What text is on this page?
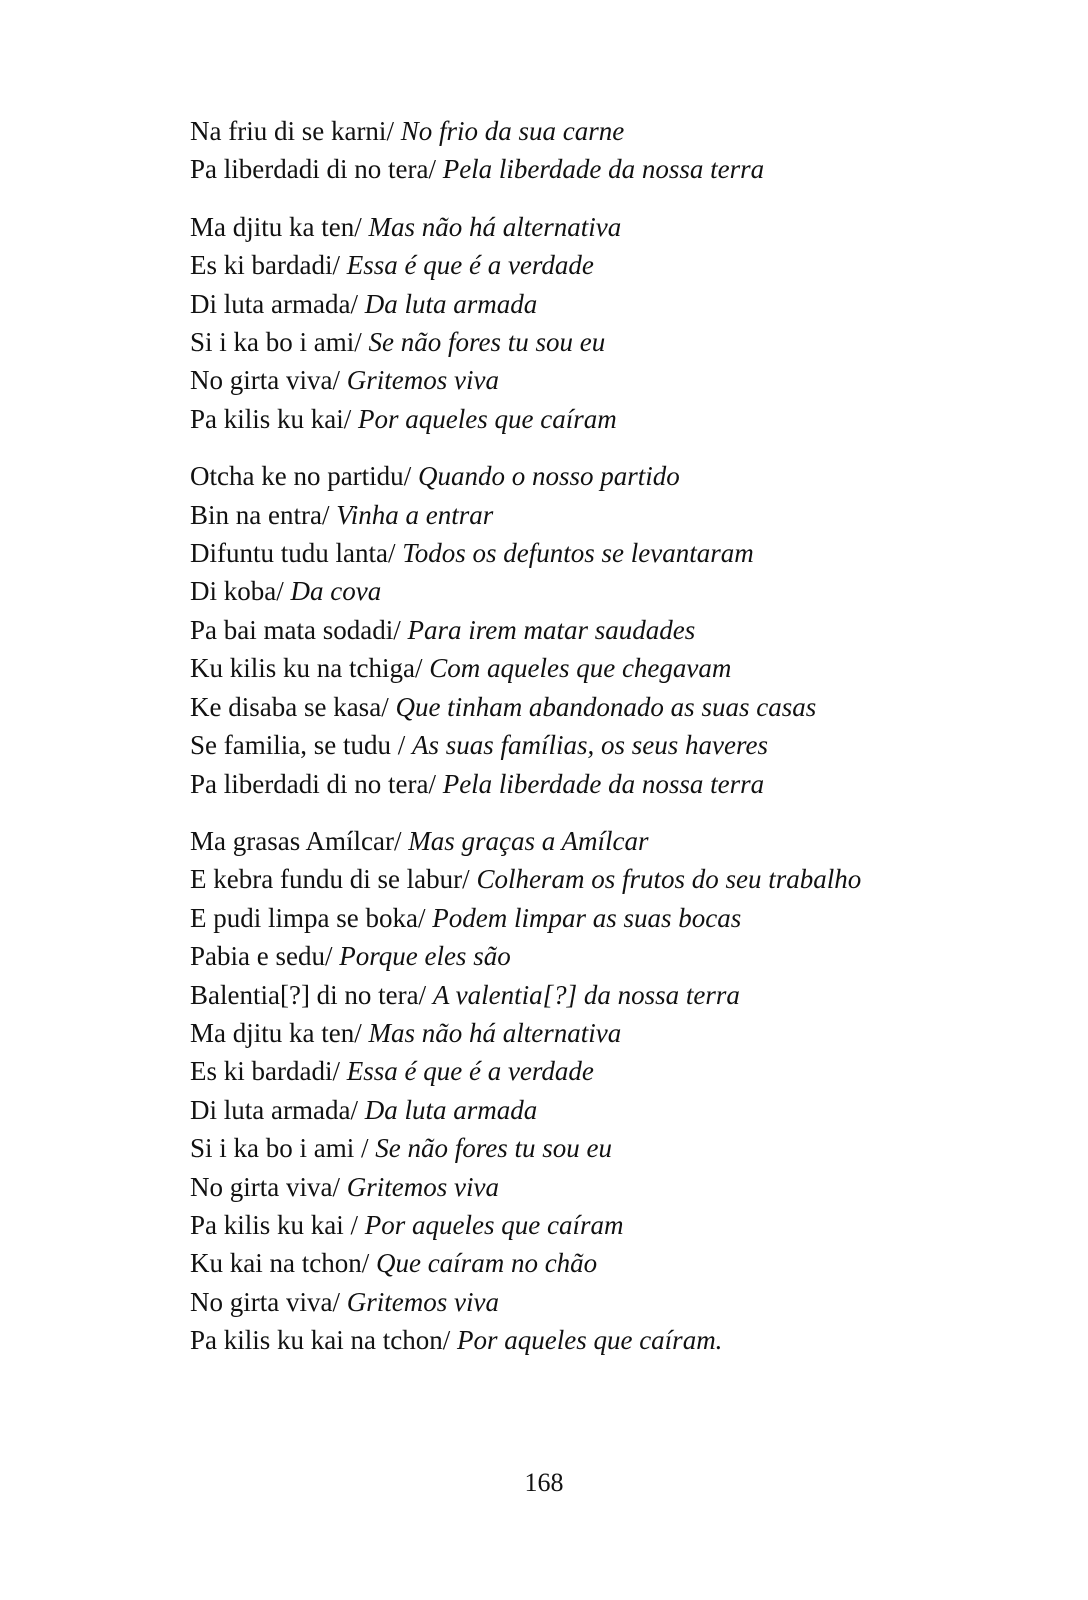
Na friu di se karni/ No frio da sua carne
Pa liberdadi di no tera/ Pela liberdade da nossa terra
Ma djitu ka ten/ Mas não há alternativa
Es ki bardadi/ Essa é que é a verdade
Di luta armada/ Da luta armada
Si i ka bo i ami/ Se não fores tu sou eu
No girta viva/ Gritemos viva
Pa kilis ku kai/ Por aqueles que caíram
Otcha ke no partidu/ Quando o nosso partido
Bin na entra/ Vinha a entrar
Difuntu tudu lanta/ Todos os defuntos se levantaram
Di koba/ Da cova
Pa bai mata sodadi/ Para irem matar saudades
Ku kilis ku na tchiga/ Com aqueles que chegavam
Ke disaba se kasa/ Que tinham abandonado as suas casas
Se familia, se tudu / As suas famílias, os seus haveres
Pa liberdadi di no tera/ Pela liberdade da nossa terra
Ma grasas Amílcar/ Mas graças a Amílcar
E kebra fundu di se labur/ Colheram os frutos do seu trabalho
E pudi limpa se boka/ Podem limpar as suas bocas
Pabia e sedu/ Porque eles são
Balentia[?] di no tera/ A valentia[?] da nossa terra
Ma djitu ka ten/ Mas não há alternativa
Es ki bardadi/ Essa é que é a verdade
Di luta armada/ Da luta armada
Si i ka bo i ami / Se não fores tu sou eu
No girta viva/ Gritemos viva
Pa kilis ku kai / Por aqueles que caíram
Ku kai na tchon/ Que caíram no chão
No girta viva/ Gritemos viva
Pa kilis ku kai na tchon/ Por aqueles que caíram.
168
